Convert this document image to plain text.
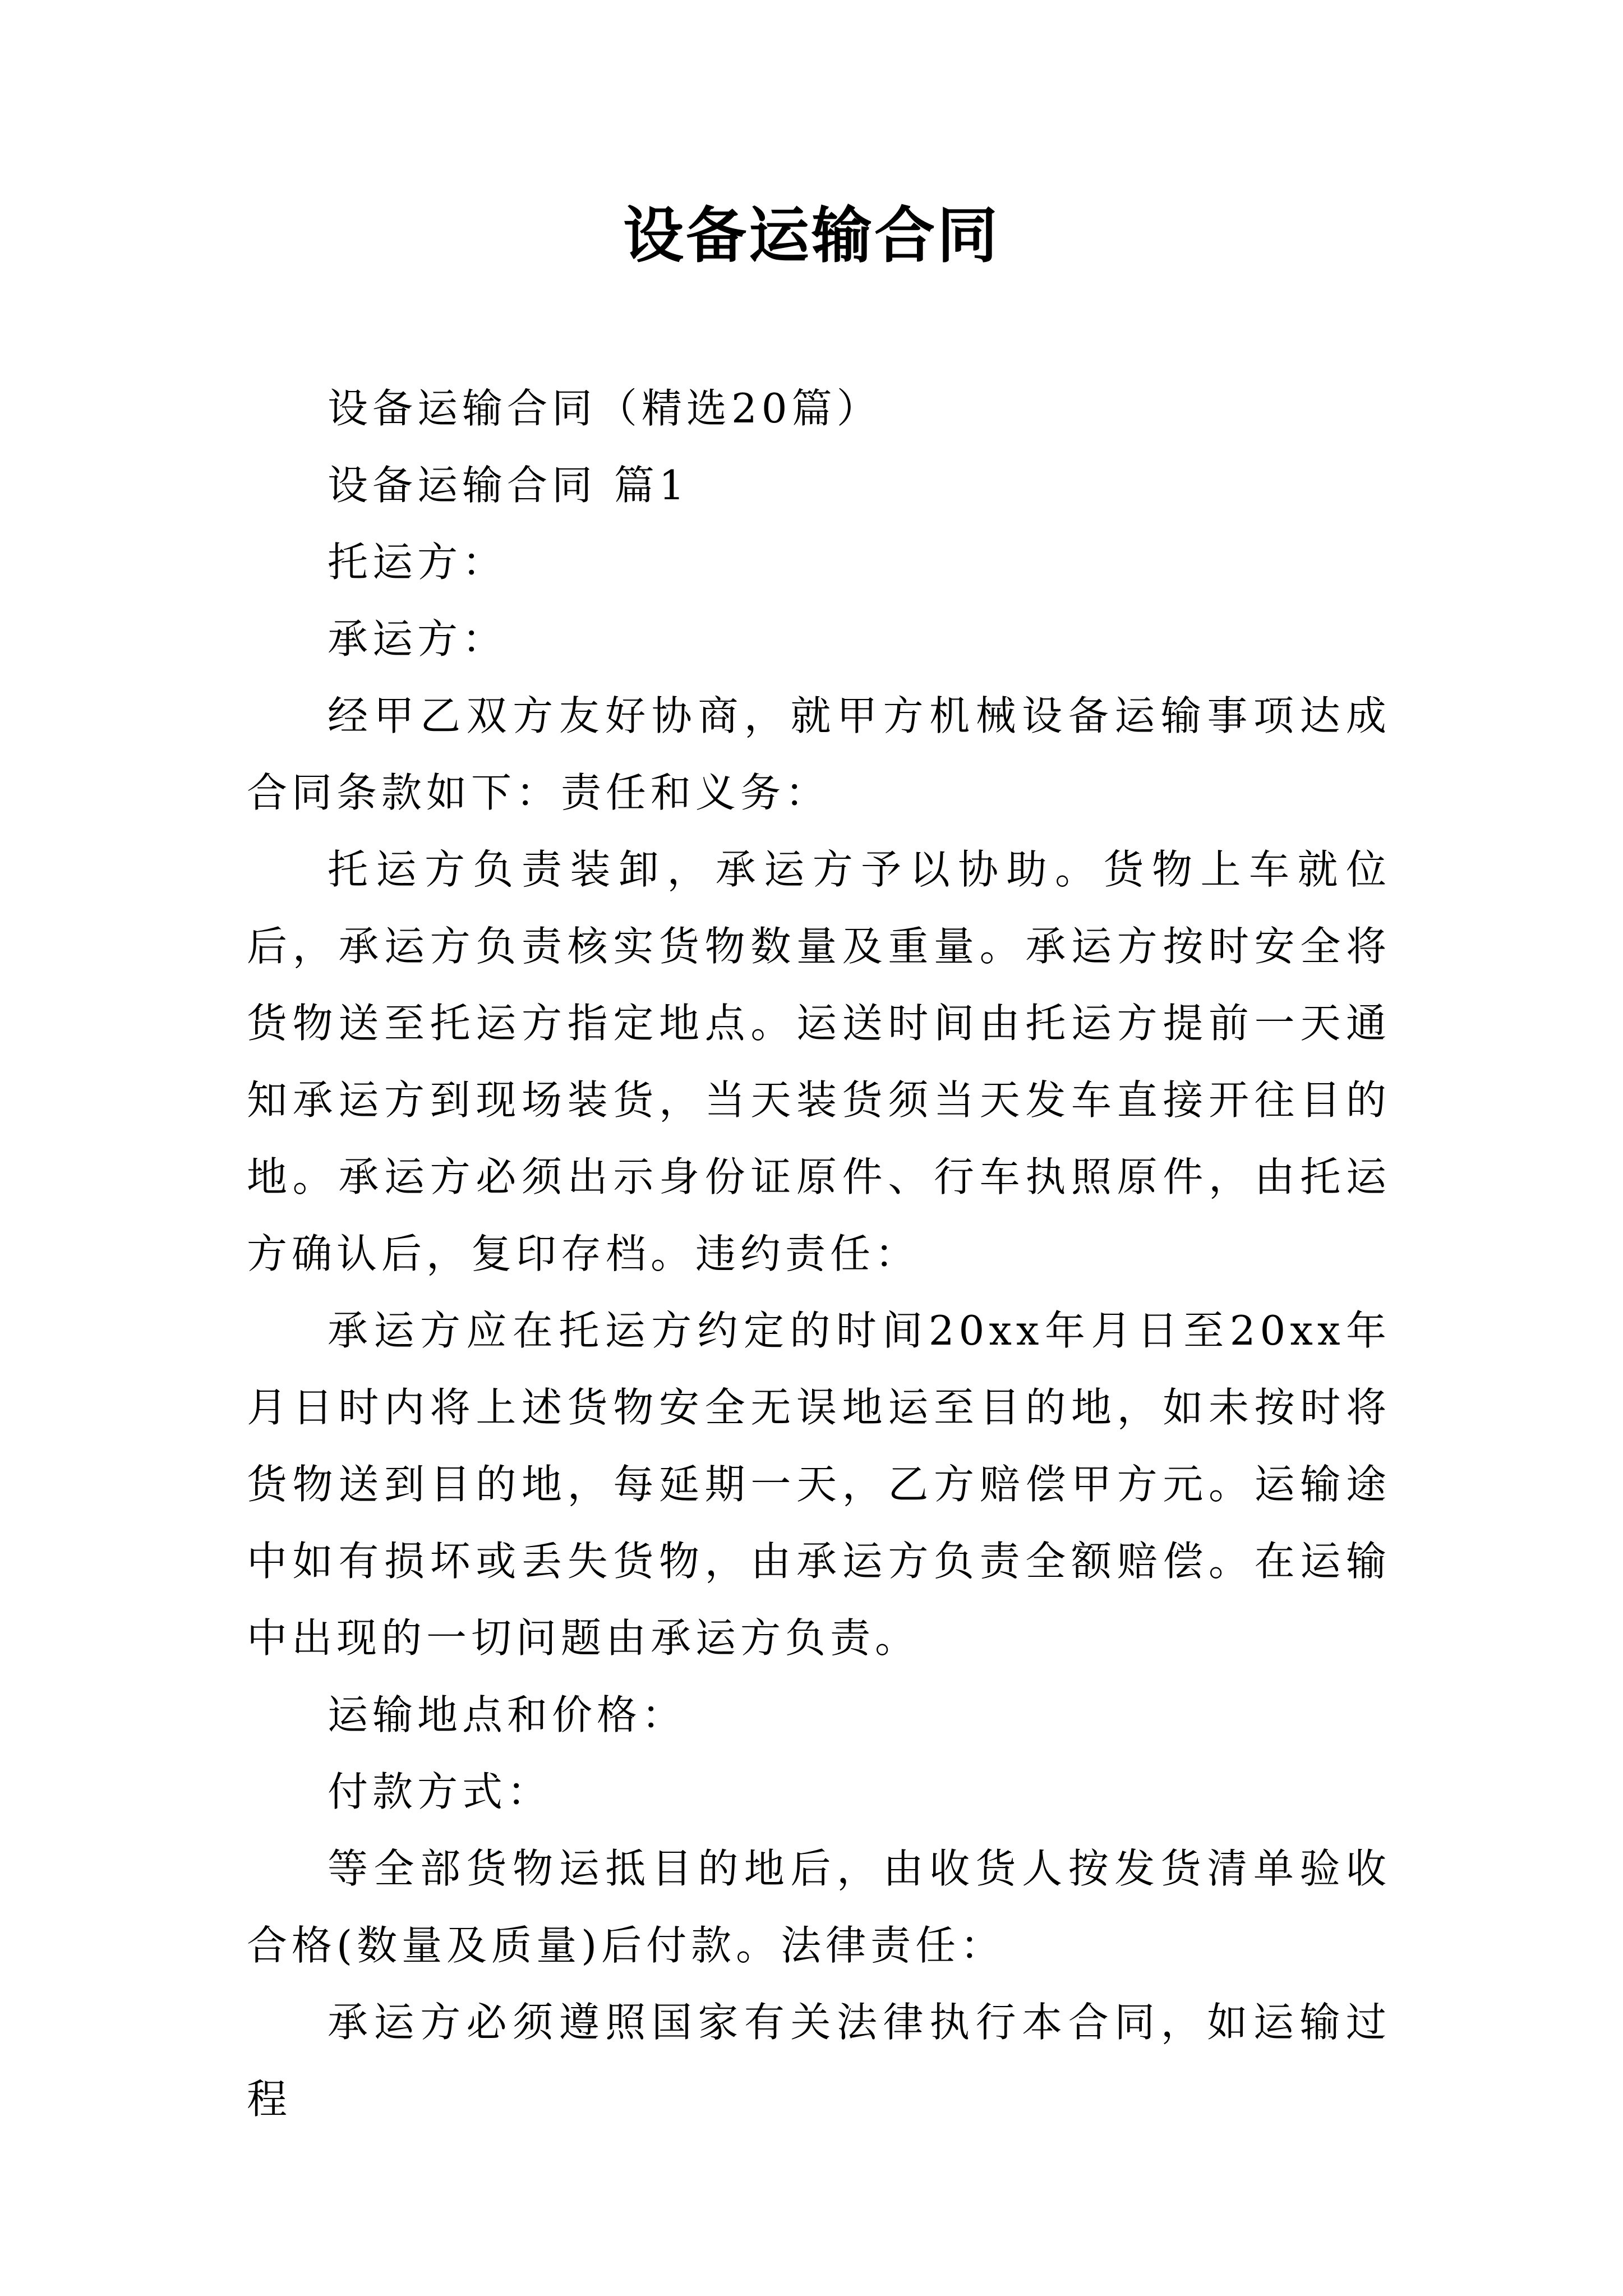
设备运输合同

设备运输合同（精选20篇）

设备运输合同 篇1

托运方：

承运方：

经甲乙双方友好协商，就甲方机械设备运输事项达成合同条款如下：责任和义务：

托运方负责装卸，承运方予以协助。货物上车就位后，承运方负责核实货物数量及重量。承运方按时安全将货物送至托运方指定地点。运送时间由托运方提前一天通知承运方到现场装货，当天装货须当天发车直接开往目的地。承运方必须出示身份证原件、行车执照原件，由托运方确认后，复印存档。违约责任：

承运方应在托运方约定的时间20xx年月日至20xx年月日时内将上述货物安全无误地运至目的地，如未按时将货物送到目的地，每延期一天，乙方赔偿甲方元。运输途中如有损坏或丢失货物，由承运方负责全额赔偿。在运输中出现的一切问题由承运方负责。

运输地点和价格：

付款方式：

等全部货物运抵目的地后，由收货人按发货清单验收合格(数量及质量)后付款。法律责任：

承运方必须遵照国家有关法律执行本合同，如运输过程
